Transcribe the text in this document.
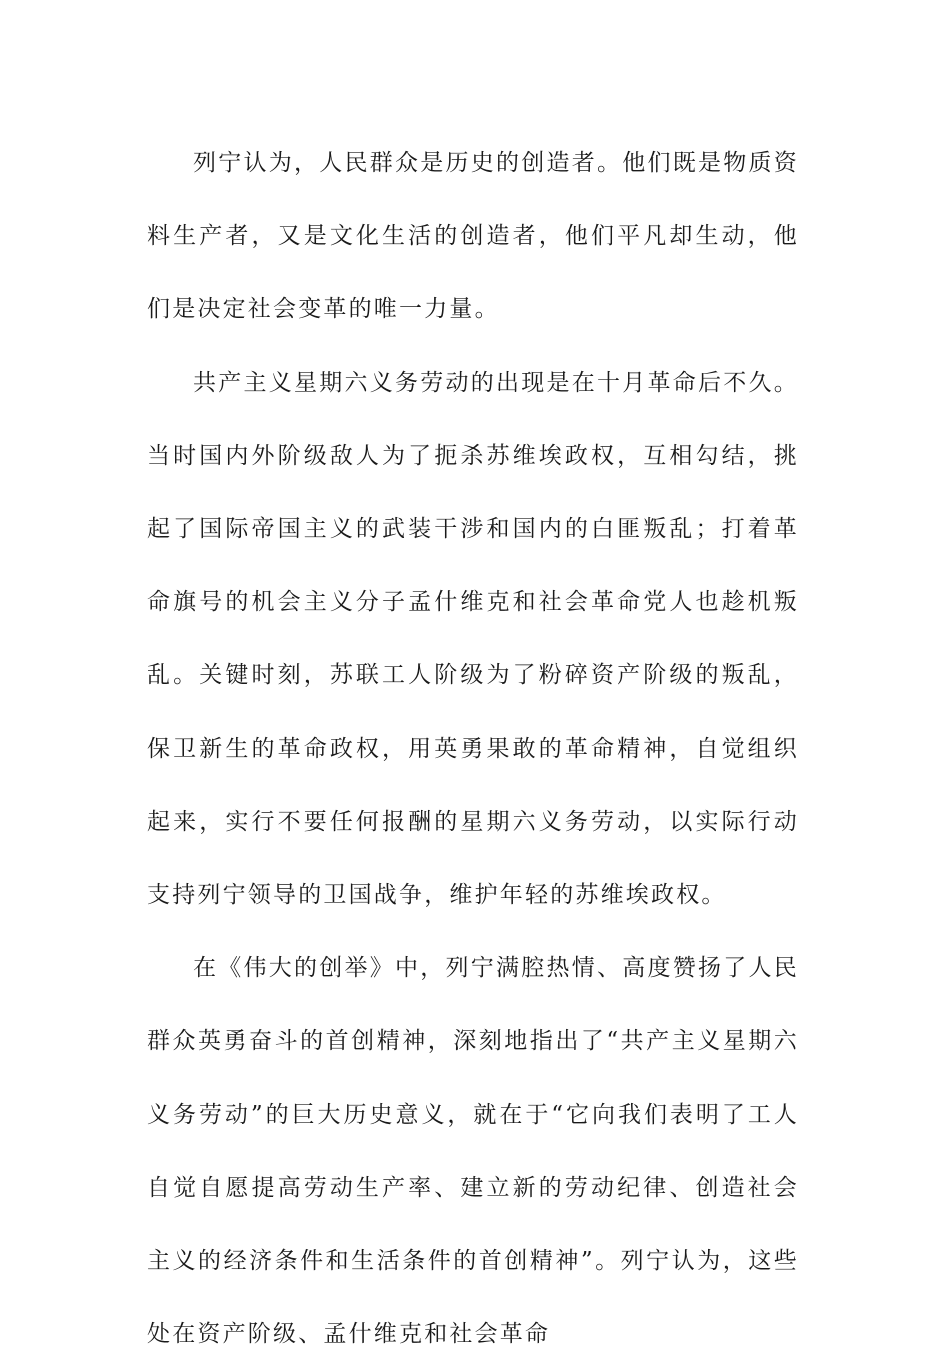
列宁认为，人民群众是历史的创造者。他们既是物质资料生产者，又是文化生活的创造者，他们平凡却生动，他们是决定社会变革的唯一力量。

共产主义星期六义务劳动的出现是在十月革命后不久。当时国内外阶级敌人为了扼杀苏维埃政权，互相勾结，挑起了国际帝国主义的武装干涉和国内的白匪叛乱；打着革命旗号的机会主义分子孟什维克和社会革命党人也趁机叛乱。关键时刻，苏联工人阶级为了粉碎资产阶级的叛乱，保卫新生的革命政权，用英勇果敢的革命精神，自觉组织起来，实行不要任何报酬的星期六义务劳动，以实际行动支持列宁领导的卫国战争，维护年轻的苏维埃政权。

在《伟大的创举》中，列宁满腔热情、高度赞扬了人民群众英勇奋斗的首创精神，深刻地指出了“共产主义星期六义务劳动”的巨大历史意义，就在于“它向我们表明了工人自觉自愿提高劳动生产率、建立新的劳动纪律、创造社会主义的经济条件和生活条件的首创精神”。列宁认为，这些处在资产阶级、孟什维克和社会革命
